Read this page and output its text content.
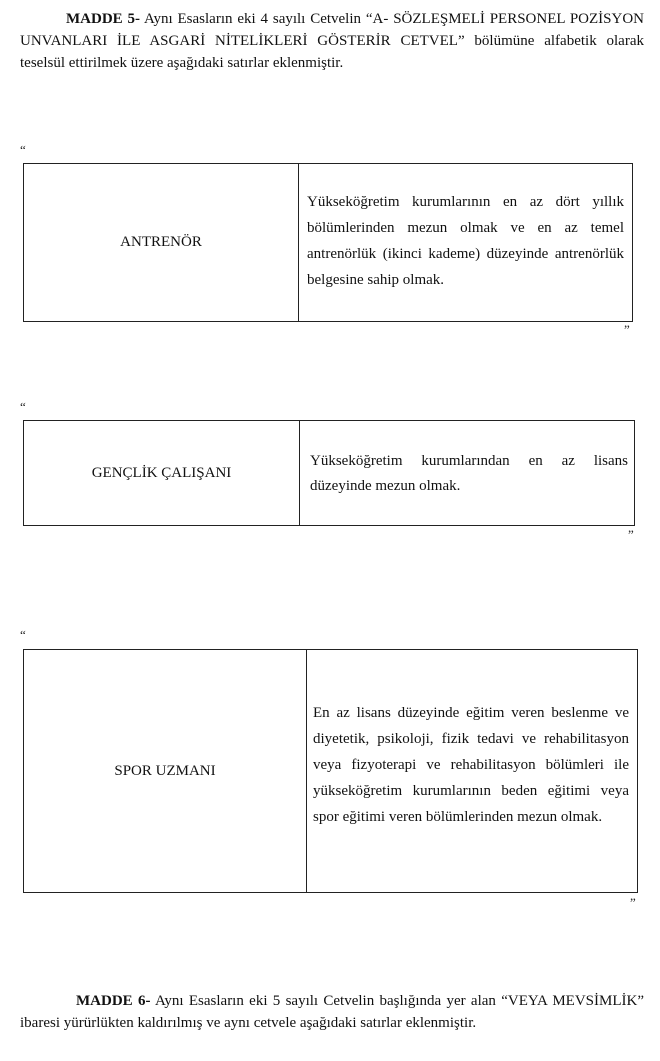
MADDE 5- Aynı Esasların eki 4 sayılı Cetvelin “A- SÖZLEŞMELİ PERSONEL POZİSYON UNVANLARI İLE ASGARİ NİTELİKLERİ GÖSTERİR CETVEL” bölümüne alfabetik olarak teselsül ettirilmek üzere aşağıdaki satırlar eklenmiştir.

“
ANTRENÖR
Yükseköğretim kurumlarının en az dört yıllık bölümlerinden mezun olmak ve en az temel antrenörlük (ikinci kademe) düzeyinde antrenörlük belgesine sahip olmak.
”
“
GENÇLİK ÇALIŞANI
Yükseköğretim kurumlarından en az lisans düzeyinde mezun olmak.
”
“
SPOR UZMANI
En az lisans düzeyinde eğitim veren beslenme ve diyetetik, psikoloji, fizik tedavi ve rehabilitasyon veya fizyoterapi ve rehabilitasyon bölümleri ile yükseköğretim kurumlarının beden eğitimi veya spor eğitimi veren bölümlerinden mezun olmak.
”

MADDE 6- Aynı Esasların eki 5 sayılı Cetvelin başlığında yer alan “VEYA MEVSİMLİK” ibaresi yürürlükten kaldırılmış ve aynı cetvele aşağıdaki satırlar eklenmiştir.
